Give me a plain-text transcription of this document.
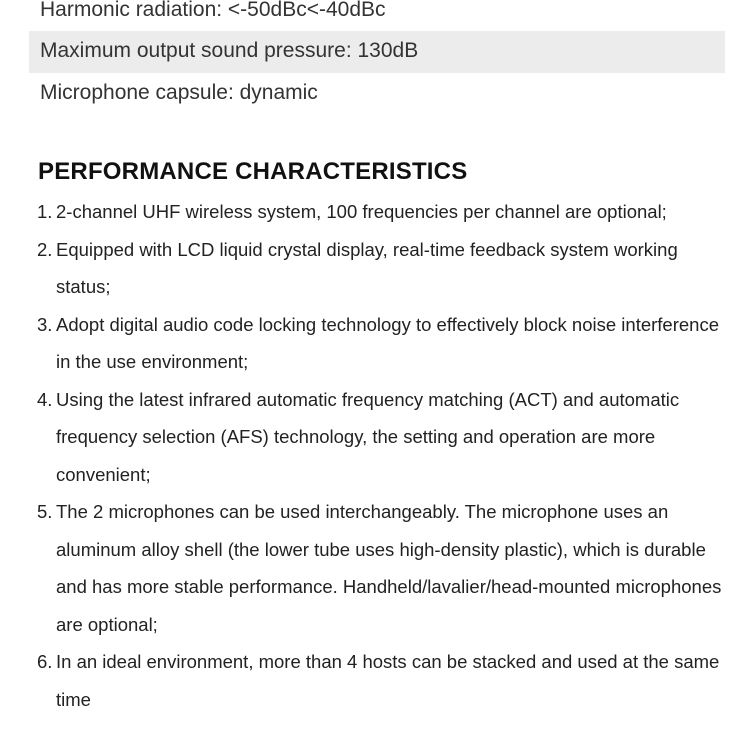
Harmonic radiation: <-50dBc<-40dBc
Maximum output sound pressure: 130dB
Microphone capsule: dynamic
PERFORMANCE CHARACTERISTICS
1. 2-channel UHF wireless system, 100 frequencies per channel are optional;
2. Equipped with LCD liquid crystal display, real-time feedback system working status;
3. Adopt digital audio code locking technology to effectively block noise interference in the use environment;
4. Using the latest infrared automatic frequency matching (ACT) and automatic frequency selection (AFS) technology, the setting and operation are more convenient;
5. The 2 microphones can be used interchangeably. The microphone uses an aluminum alloy shell (the lower tube uses high-density plastic), which is durable and has more stable performance. Handheld/lavalier/head-mounted microphones are optional;
6. In an ideal environment, more than 4 hosts can be stacked and used at the same time
